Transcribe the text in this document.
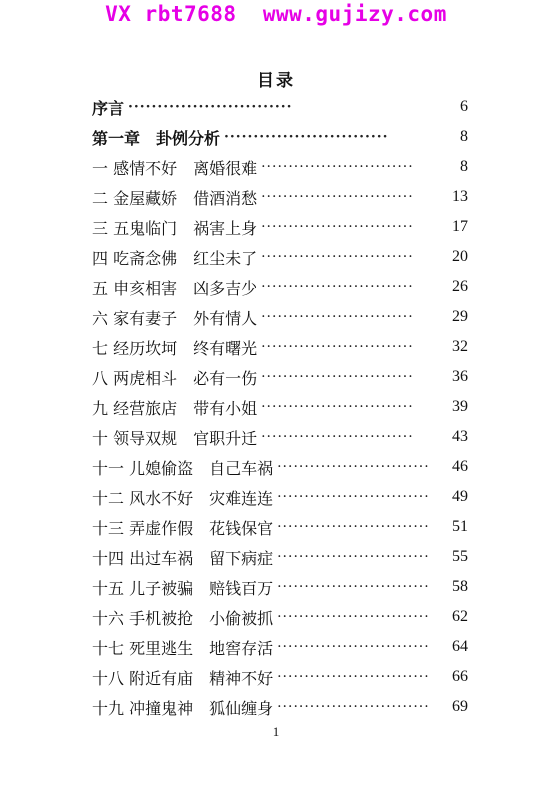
VX rbt7688  www.gujizy.com
目录
序言 ····························	6
第一章　卦例分析 ····························	8
一 感情不好　离婚很难 ····························	8
二 金屋藏娇　借酒消愁 ····························	13
三 五鬼临门　祸害上身 ····························	17
四 吃斋念佛　红尘未了 ····························	20
五 申亥相害　凶多吉少 ····························	26
六 家有妻子　外有情人 ····························	29
七 经历坎坷　终有曙光 ····························	32
八 两虎相斗　必有一伤 ····························	36
九 经营旅店　带有小姐 ····························	39
十 领导双规　官职升迁 ····························	43
十一 儿媳偷盗　自己车祸 ····························	46
十二 风水不好　灾难连连 ····························	49
十三 弄虚作假　花钱保官 ····························	51
十四 出过车祸　留下病症 ····························	55
十五 儿子被骗　赔钱百万 ····························	58
十六 手机被抢　小偷被抓 ····························	62
十七 死里逃生　地窖存活 ····························	64
十八 附近有庙　精神不好 ····························	66
十九 冲撞鬼神　狐仙缠身 ····························	69
1
